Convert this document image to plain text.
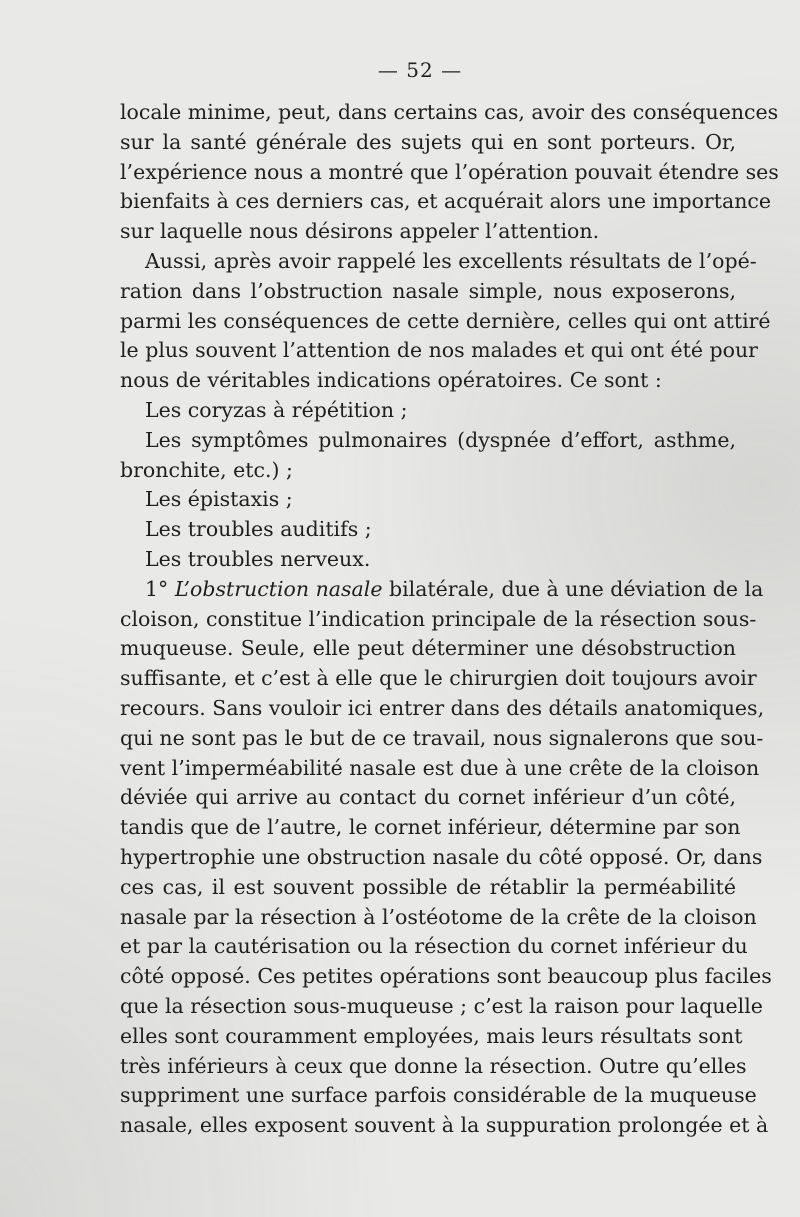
— 52 —
locale minime, peut, dans certains cas, avoir des conséquences
sur la santé générale des sujets qui en sont porteurs. Or,
l’expérience nous a montré que l’opération pouvait étendre ses
bienfaits à ces derniers cas, et acquérait alors une importance
sur laquelle nous désirons appeler l’attention.
Aussi, après avoir rappelé les excellents résultats de l’opé-
ration dans l’obstruction nasale simple, nous exposerons,
parmi les conséquences de cette dernière, celles qui ont attiré
le plus souvent l’attention de nos malades et qui ont été pour
nous de véritables indications opératoires. Ce sont :
Les coryzas à répétition ;
Les symptômes pulmonaires (dyspnée d’effort, asthme,
bronchite, etc.) ;
Les épistaxis ;
Les troubles auditifs ;
Les troubles nerveux.
1° L’obstruction nasale bilatérale, due à une déviation de la
cloison, constitue l’indication principale de la résection sous-
muqueuse. Seule, elle peut déterminer une désobstruction
suffisante, et c’est à elle que le chirurgien doit toujours avoir
recours. Sans vouloir ici entrer dans des détails anatomiques,
qui ne sont pas le but de ce travail, nous signalerons que sou-
vent l’imperméabilité nasale est due à une crête de la cloison
déviée qui arrive au contact du cornet inférieur d’un côté,
tandis que de l’autre, le cornet inférieur, détermine par son
hypertrophie une obstruction nasale du côté opposé. Or, dans
ces cas, il est souvent possible de rétablir la perméabilité
nasale par la résection à l’ostéotome de la crête de la cloison
et par la cautérisation ou la résection du cornet inférieur du
côté opposé. Ces petites opérations sont beaucoup plus faciles
que la résection sous-muqueuse ; c’est la raison pour laquelle
elles sont couramment employées, mais leurs résultats sont
très inférieurs à ceux que donne la résection. Outre qu’elles
suppriment une surface parfois considérable de la muqueuse
nasale, elles exposent souvent à la suppuration prolongée et à
